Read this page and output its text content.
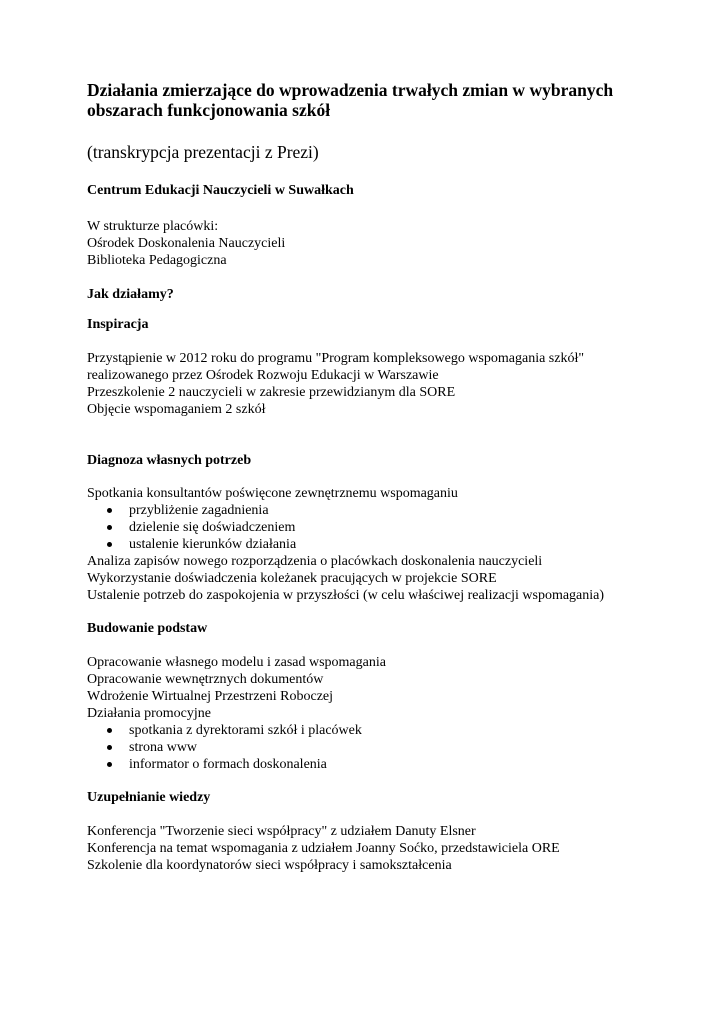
Działania zmierzające do wprowadzenia trwałych zmian w wybranych obszarach funkcjonowania szkół

(transkrypcja prezentacji z Prezi)

Centrum Edukacji Nauczycieli w Suwałkach

W strukturze placówki:

Ośrodek Doskonalenia Nauczycieli

Biblioteka Pedagogiczna

Jak działamy?

Inspiracja

Przystąpienie w 2012 roku do programu "Program kompleksowego wspomagania szkół"

realizowanego przez Ośrodek Rozwoju Edukacji w Warszawie

Przeszkolenie 2 nauczycieli w zakresie przewidzianym dla SORE

Objęcie wspomaganiem 2 szkół

Diagnoza własnych potrzeb

Spotkania konsultantów poświęcone zewnętrznemu wspomaganiu

przybliżenie zagadnienia
dzielenie się doświadczeniem
ustalenie kierunków działania

Analiza zapisów nowego rozporządzenia o placówkach doskonalenia nauczycieli

Wykorzystanie doświadczenia koleżanek pracujących w projekcie SORE

Ustalenie potrzeb do zaspokojenia w przyszłości (w celu właściwej realizacji wspomagania)

Budowanie podstaw

Opracowanie własnego modelu i zasad wspomagania

Opracowanie wewnętrznych dokumentów

Wdrożenie Wirtualnej Przestrzeni Roboczej

Działania promocyjne

spotkania z dyrektorami szkół i placówek
strona www
informator o formach doskonalenia

Uzupełnianie wiedzy

Konferencja "Tworzenie sieci współpracy" z udziałem Danuty Elsner

Konferencja na temat wspomagania z udziałem Joanny Soćko, przedstawiciela ORE

Szkolenie dla koordynatorów sieci współpracy i samokształcenia
